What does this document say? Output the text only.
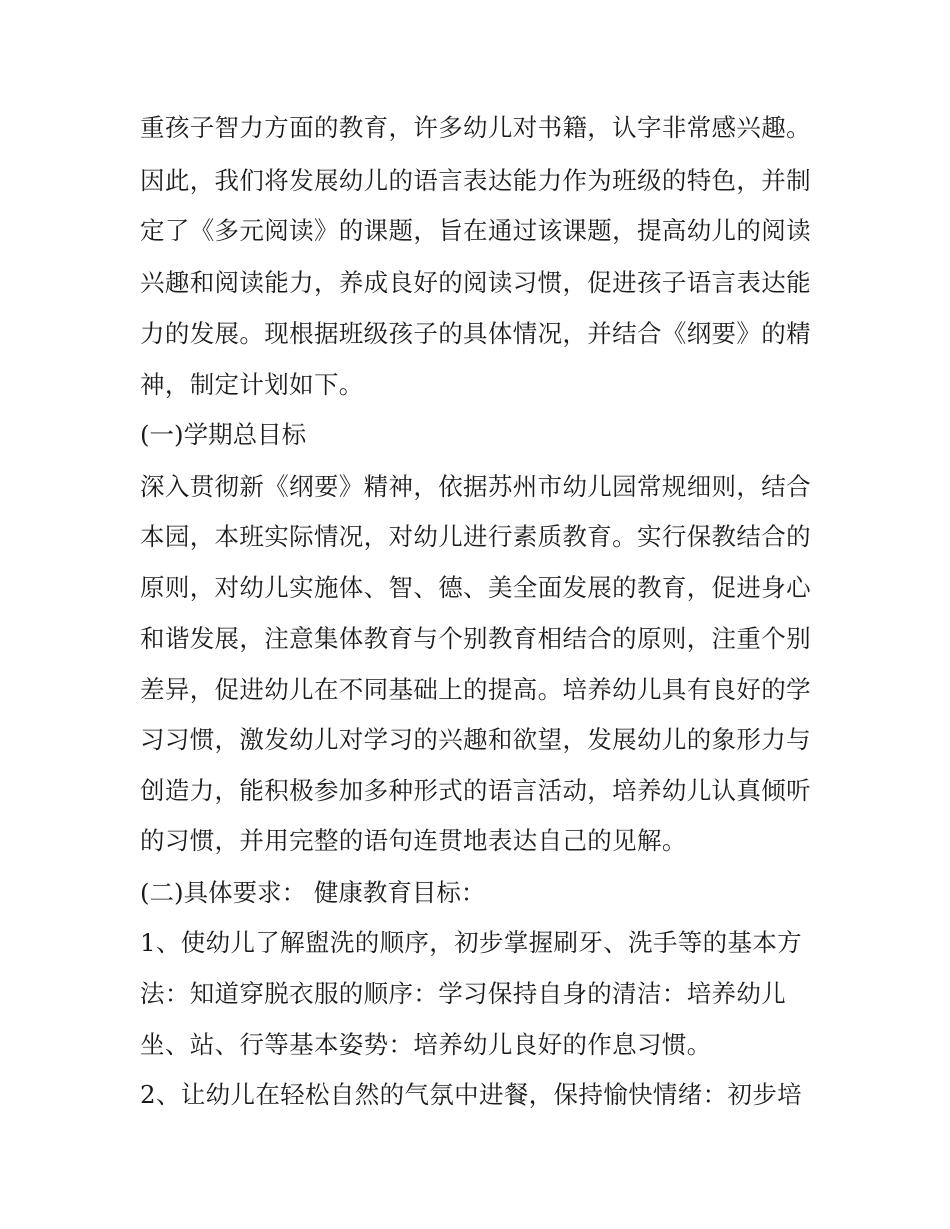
重孩子智力方面的教育，许多幼儿对书籍，认字非常感兴趣。
因此，我们将发展幼儿的语言表达能力作为班级的特色，并制
定了《多元阅读》的课题，旨在通过该课题，提高幼儿的阅读
兴趣和阅读能力，养成良好的阅读习惯，促进孩子语言表达能
力的发展。现根据班级孩子的具体情况，并结合《纲要》的精
神，制定计划如下。
(一)学期总目标
深入贯彻新《纲要》精神，依据苏州市幼儿园常规细则，结合
本园，本班实际情况，对幼儿进行素质教育。实行保教结合的
原则，对幼儿实施体、智、德、美全面发展的教育，促进身心
和谐发展，注意集体教育与个别教育相结合的原则，注重个别
差异，促进幼儿在不同基础上的提高。培养幼儿具有良好的学
习习惯，激发幼儿对学习的兴趣和欲望，发展幼儿的象形力与
创造力，能积极参加多种形式的语言活动，培养幼儿认真倾听
的习惯，并用完整的语句连贯地表达自己的见解。
(二)具体要求： 健康教育目标：
1、使幼儿了解盥洗的顺序，初步掌握刷牙、洗手等的基本方
法：知道穿脱衣服的顺序：学习保持自身的清洁：培养幼儿
坐、站、行等基本姿势：培养幼儿良好的作息习惯。
2、让幼儿在轻松自然的气氛中进餐，保持愉快情绪：初步培
